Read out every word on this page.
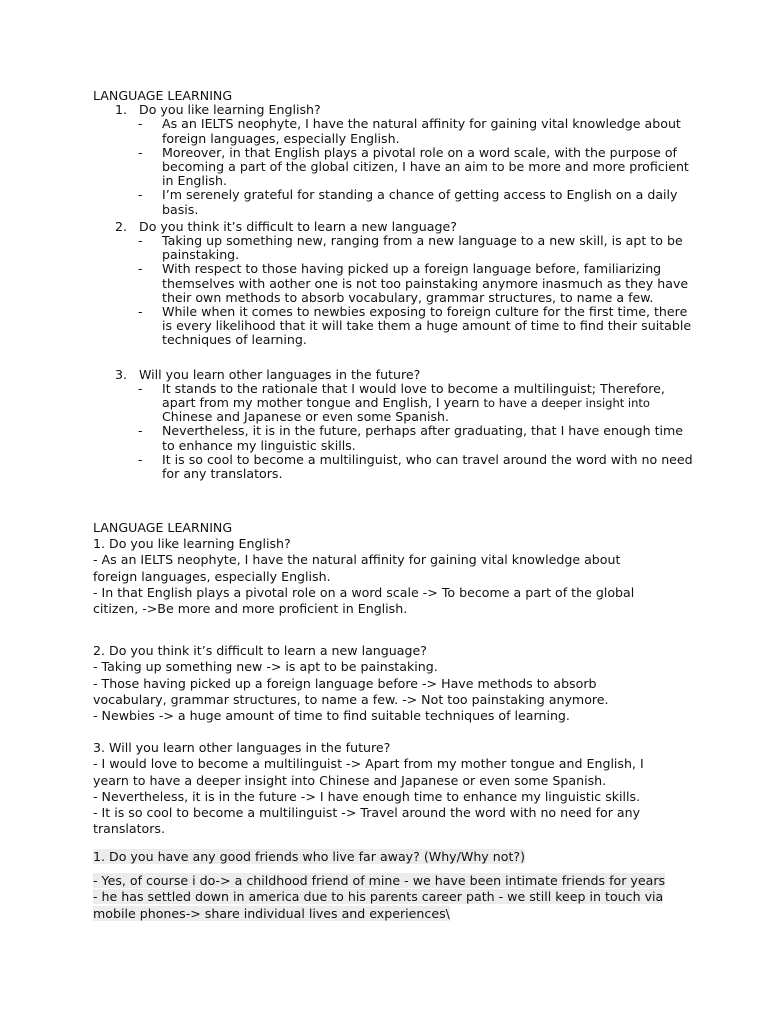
LANGUAGE LEARNING

1. Do you like learning English?

- As an IELTS neophyte, I have the natural affinity for gaining vital knowledge about foreign languages, especially English.
- Moreover, in that English plays a pivotal role on a word scale, with the purpose of becoming a part of the global citizen, I have an aim to be more and more proficient in English.
- I’m serenely grateful for standing a chance of getting access to English on a daily basis.

2. Do you think it’s difficult to learn a new language?

- Taking up something new, ranging from a new language to a new skill, is apt to be painstaking.
- With respect to those having picked up a foreign language before, familiarizing themselves with aother one is not too painstaking anymore inasmuch as they have their own methods to absorb vocabulary, grammar structures, to name a few.
- While when it comes to newbies exposing to foreign culture for the first time, there is every likelihood that it will take them a huge amount of time to find their suitable techniques of learning.

3. Will you learn other languages in the future?

- It stands to the rationale that I would love to become a multilinguist; Therefore, apart from my mother tongue and English, I yearn to have a deeper insight into Chinese and Japanese or even some Spanish.
- Nevertheless, it is in the future, perhaps after graduating, that I have enough time to enhance my linguistic skills.
- It is so cool to become a multilinguist, who can travel around the word with no need for any translators.

LANGUAGE LEARNING

1. Do you like learning English?

- As an IELTS neophyte, I have the natural affinity for gaining vital knowledge about foreign languages, especially English.

- In that English plays a pivotal role on a word scale -> To become a part of the global citizen, ->Be more and more proficient in English.

2. Do you think it’s difficult to learn a new language?

- Taking up something new -> is apt to be painstaking.

- Those having picked up a foreign language before -> Have methods to absorb vocabulary, grammar structures, to name a few. -> Not too painstaking anymore.

- Newbies -> a huge amount of time to find suitable techniques of learning.

3. Will you learn other languages in the future?

- I would love to become a multilinguist -> Apart from my mother tongue and English, I yearn to have a deeper insight into Chinese and Japanese or even some Spanish.

- Nevertheless, it is in the future -> I have enough time to enhance my linguistic skills.

- It is so cool to become a multilinguist -> Travel around the word with no need for any translators.

1. Do you have any good friends who live far away? (Why/Why not?)

- Yes, of course i do-> a childhood friend of mine - we have been intimate friends for years - he has settled down in america due to his parents career path - we still keep in touch via mobile phones-> share individual lives and experiences\
